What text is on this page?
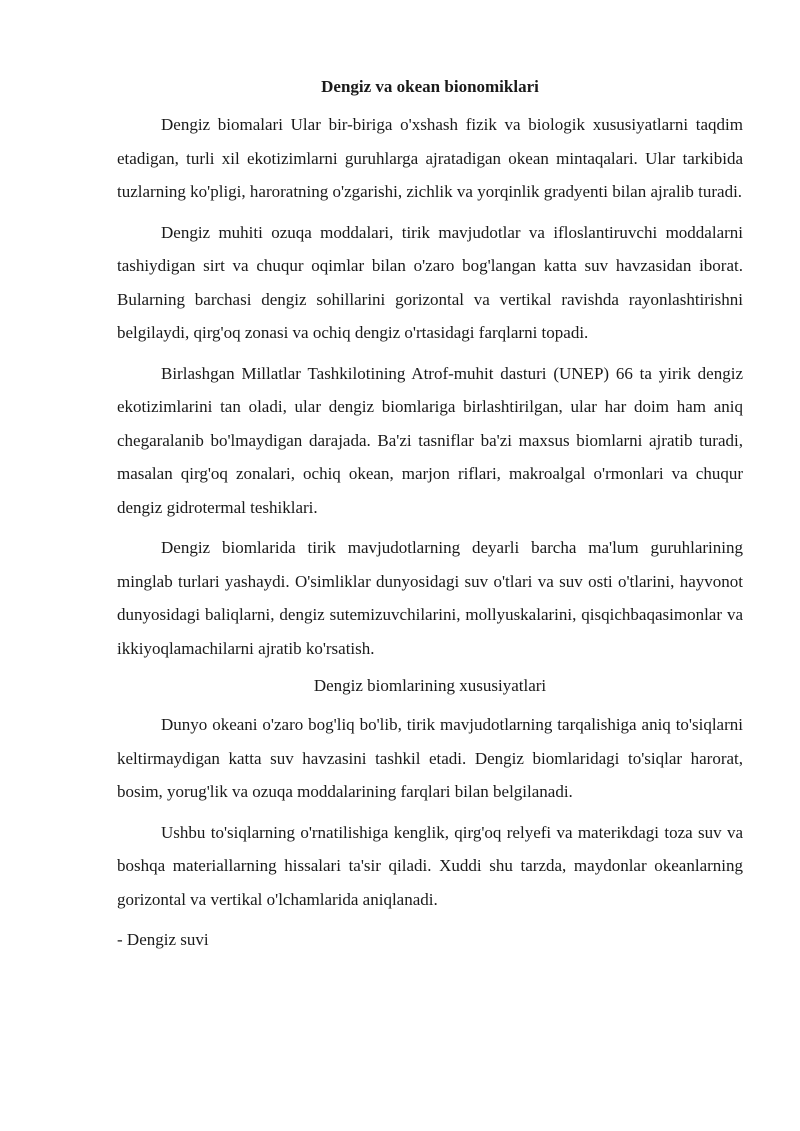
Dengiz va okean bionomiklari

Dengiz biomalari Ular bir-biriga o'xshash fizik va biologik xususiyatlarni taqdim etadigan, turli xil ekotizimlarni guruhlarga ajratadigan okean mintaqalari. Ular tarkibida tuzlarning ko'pligi, haroratning o'zgarishi, zichlik va yorqinlik gradyenti bilan ajralib turadi.

Dengiz muhiti ozuqa moddalari, tirik mavjudotlar va ifloslantiruvchi moddalarni tashiydigan sirt va chuqur oqimlar bilan o'zaro bog'langan katta suv havzasidan iborat. Bularning barchasi dengiz sohillarini gorizontal va vertikal ravishda rayonlashtirishni belgilaydi, qirg'oq zonasi va ochiq dengiz o'rtasidagi farqlarni topadi.

Birlashgan Millatlar Tashkilotining Atrof-muhit dasturi (UNEP) 66 ta yirik dengiz ekotizimlarini tan oladi, ular dengiz biomlariga birlashtirilgan, ular har doim ham aniq chegaralanib bo'lmaydigan darajada. Ba'zi tasniflar ba'zi maxsus biomlarni ajratib turadi, masalan qirg'oq zonalari, ochiq okean, marjon riflari, makroalgal o'rmonlari va chuqur dengiz gidrotermal teshiklari.

Dengiz biomlarida tirik mavjudotlarning deyarli barcha ma'lum guruhlarining minglab turlari yashaydi. O'simliklar dunyosidagi suv o'tlari va suv osti o'tlarini, hayvonot dunyosidagi baliqlarni, dengiz sutemizuvchilarini, mollyuskalarini, qisqichbaqasimonlar va ikkiyoqlamachilarni ajratib ko'rsatish.

Dengiz biomlarining xususiyatlari

Dunyo okeani o'zaro bog'liq bo'lib, tirik mavjudotlarning tarqalishiga aniq to'siqlarni keltirmaydigan katta suv havzasini tashkil etadi. Dengiz biomlaridagi to'siqlar harorat, bosim, yorug'lik va ozuqa moddalarining farqlari bilan belgilanadi.

Ushbu to'siqlarning o'rnatilishiga kenglik, qirg'oq relyefi va materikdagi toza suv va boshqa materiallarning hissalari ta'sir qiladi. Xuddi shu tarzda, maydonlar okeanlarning gorizontal va vertikal o'lchamlarida aniqlanadi.

- Dengiz suvi
